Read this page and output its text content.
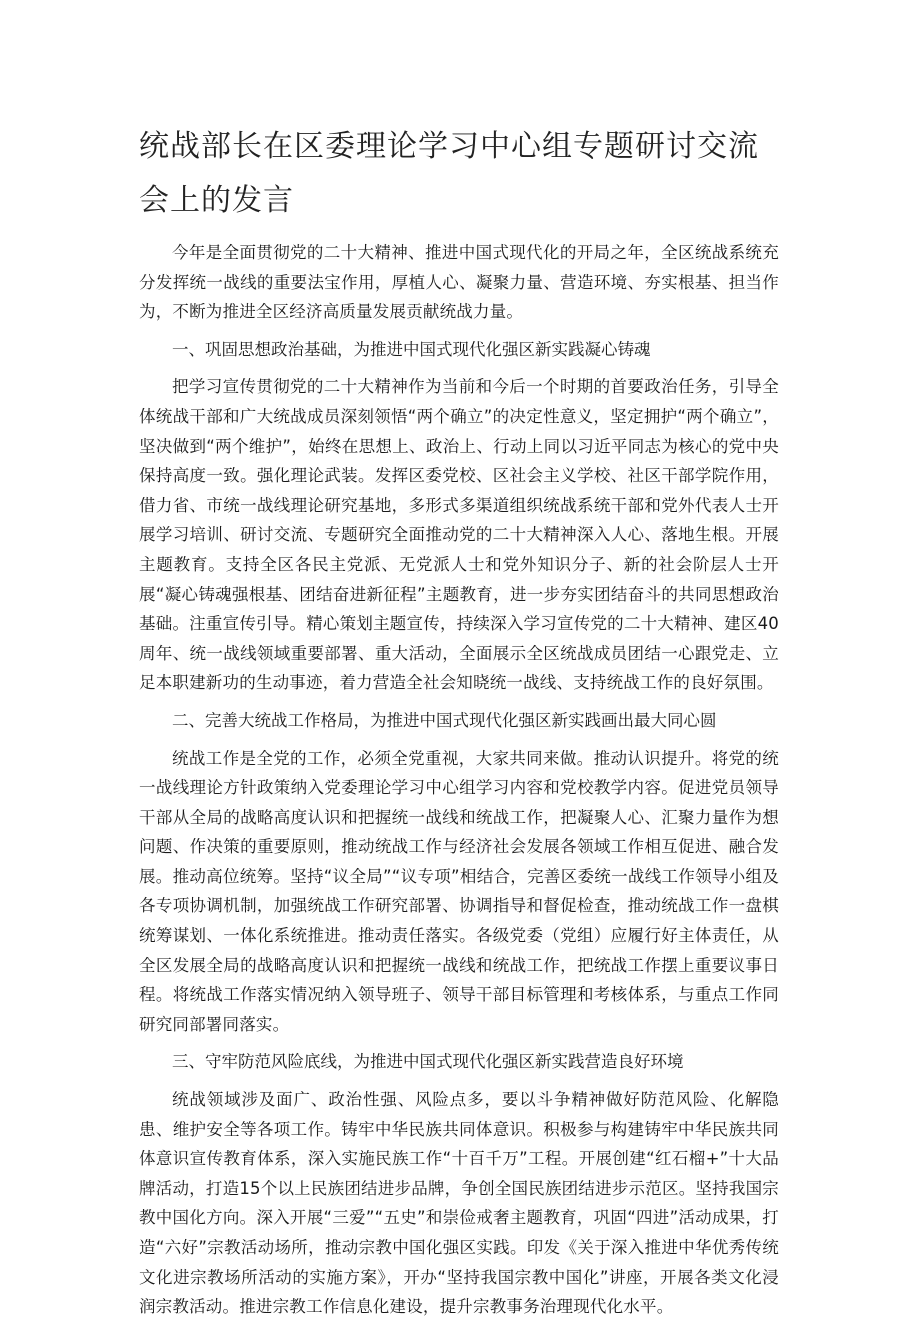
统战部长在区委理论学习中心组专题研讨交流会上的发言

今年是全面贯彻党的二十大精神、推进中国式现代化的开局之年，全区统战系统充分发挥统一战线的重要法宝作用，厚植人心、凝聚力量、营造环境、夯实根基、担当作为，不断为推进全区经济高质量发展贡献统战力量。

一、巩固思想政治基础，为推进中国式现代化强区新实践凝心铸魂

把学习宣传贯彻党的二十大精神作为当前和今后一个时期的首要政治任务，引导全体统战干部和广大统战成员深刻领悟“两个确立”的决定性意义，坚定拥护“两个确立”，坚决做到“两个维护”，始终在思想上、政治上、行动上同以习近平同志为核心的党中央保持高度一致。强化理论武装。发挥区委党校、区社会主义学校、社区干部学院作用，借力省、市统一战线理论研究基地，多形式多渠道组织统战系统干部和党外代表人士开展学习培训、研讨交流、专题研究全面推动党的二十大精神深入人心、落地生根。开展主题教育。支持全区各民主党派、无党派人士和党外知识分子、新的社会阶层人士开展“凝心铸魂强根基、团结奋进新征程”主题教育，进一步夯实团结奋斗的共同思想政治基础。注重宣传引导。精心策划主题宣传，持续深入学习宣传党的二十大精神、建区40周年、统一战线领域重要部署、重大活动，全面展示全区统战成员团结一心跟党走、立足本职建新功的生动事迹，着力营造全社会知晓统一战线、支持统战工作的良好氛围。

二、完善大统战工作格局，为推进中国式现代化强区新实践画出最大同心圆

统战工作是全党的工作，必须全党重视，大家共同来做。推动认识提升。将党的统一战线理论方针政策纳入党委理论学习中心组学习内容和党校教学内容。促进党员领导干部从全局的战略高度认识和把握统一战线和统战工作，把凝聚人心、汇聚力量作为想问题、作决策的重要原则，推动统战工作与经济社会发展各领域工作相互促进、融合发展。推动高位统筹。坚持“议全局”“议专项”相结合，完善区委统一战线工作领导小组及各专项协调机制，加强统战工作研究部署、协调指导和督促检查，推动统战工作一盘棋统筹谋划、一体化系统推进。推动责任落实。各级党委（党组）应履行好主体责任，从全区发展全局的战略高度认识和把握统一战线和统战工作，把统战工作摆上重要议事日程。将统战工作落实情况纳入领导班子、领导干部目标管理和考核体系，与重点工作同研究同部署同落实。

三、守牢防范风险底线，为推进中国式现代化强区新实践营造良好环境

统战领域涉及面广、政治性强、风险点多，要以斗争精神做好防范风险、化解隐患、维护安全等各项工作。铸牢中华民族共同体意识。积极参与构建铸牢中华民族共同体意识宣传教育体系，深入实施民族工作“十百千万”工程。开展创建“红石榴+”十大品牌活动，打造15个以上民族团结进步品牌，争创全国民族团结进步示范区。坚持我国宗教中国化方向。深入开展“三爱”“五史”和崇俭戒奢主题教育，巩固“四进”活动成果，打造“六好”宗教活动场所，推动宗教中国化强区实践。印发《关于深入推进中华优秀传统文化进宗教场所活动的实施方案》，开办“坚持我国宗教中国化”讲座，开展各类文化浸润宗教活动。推进宗教工作信息化建设，提升宗教事务治理现代化水平。
